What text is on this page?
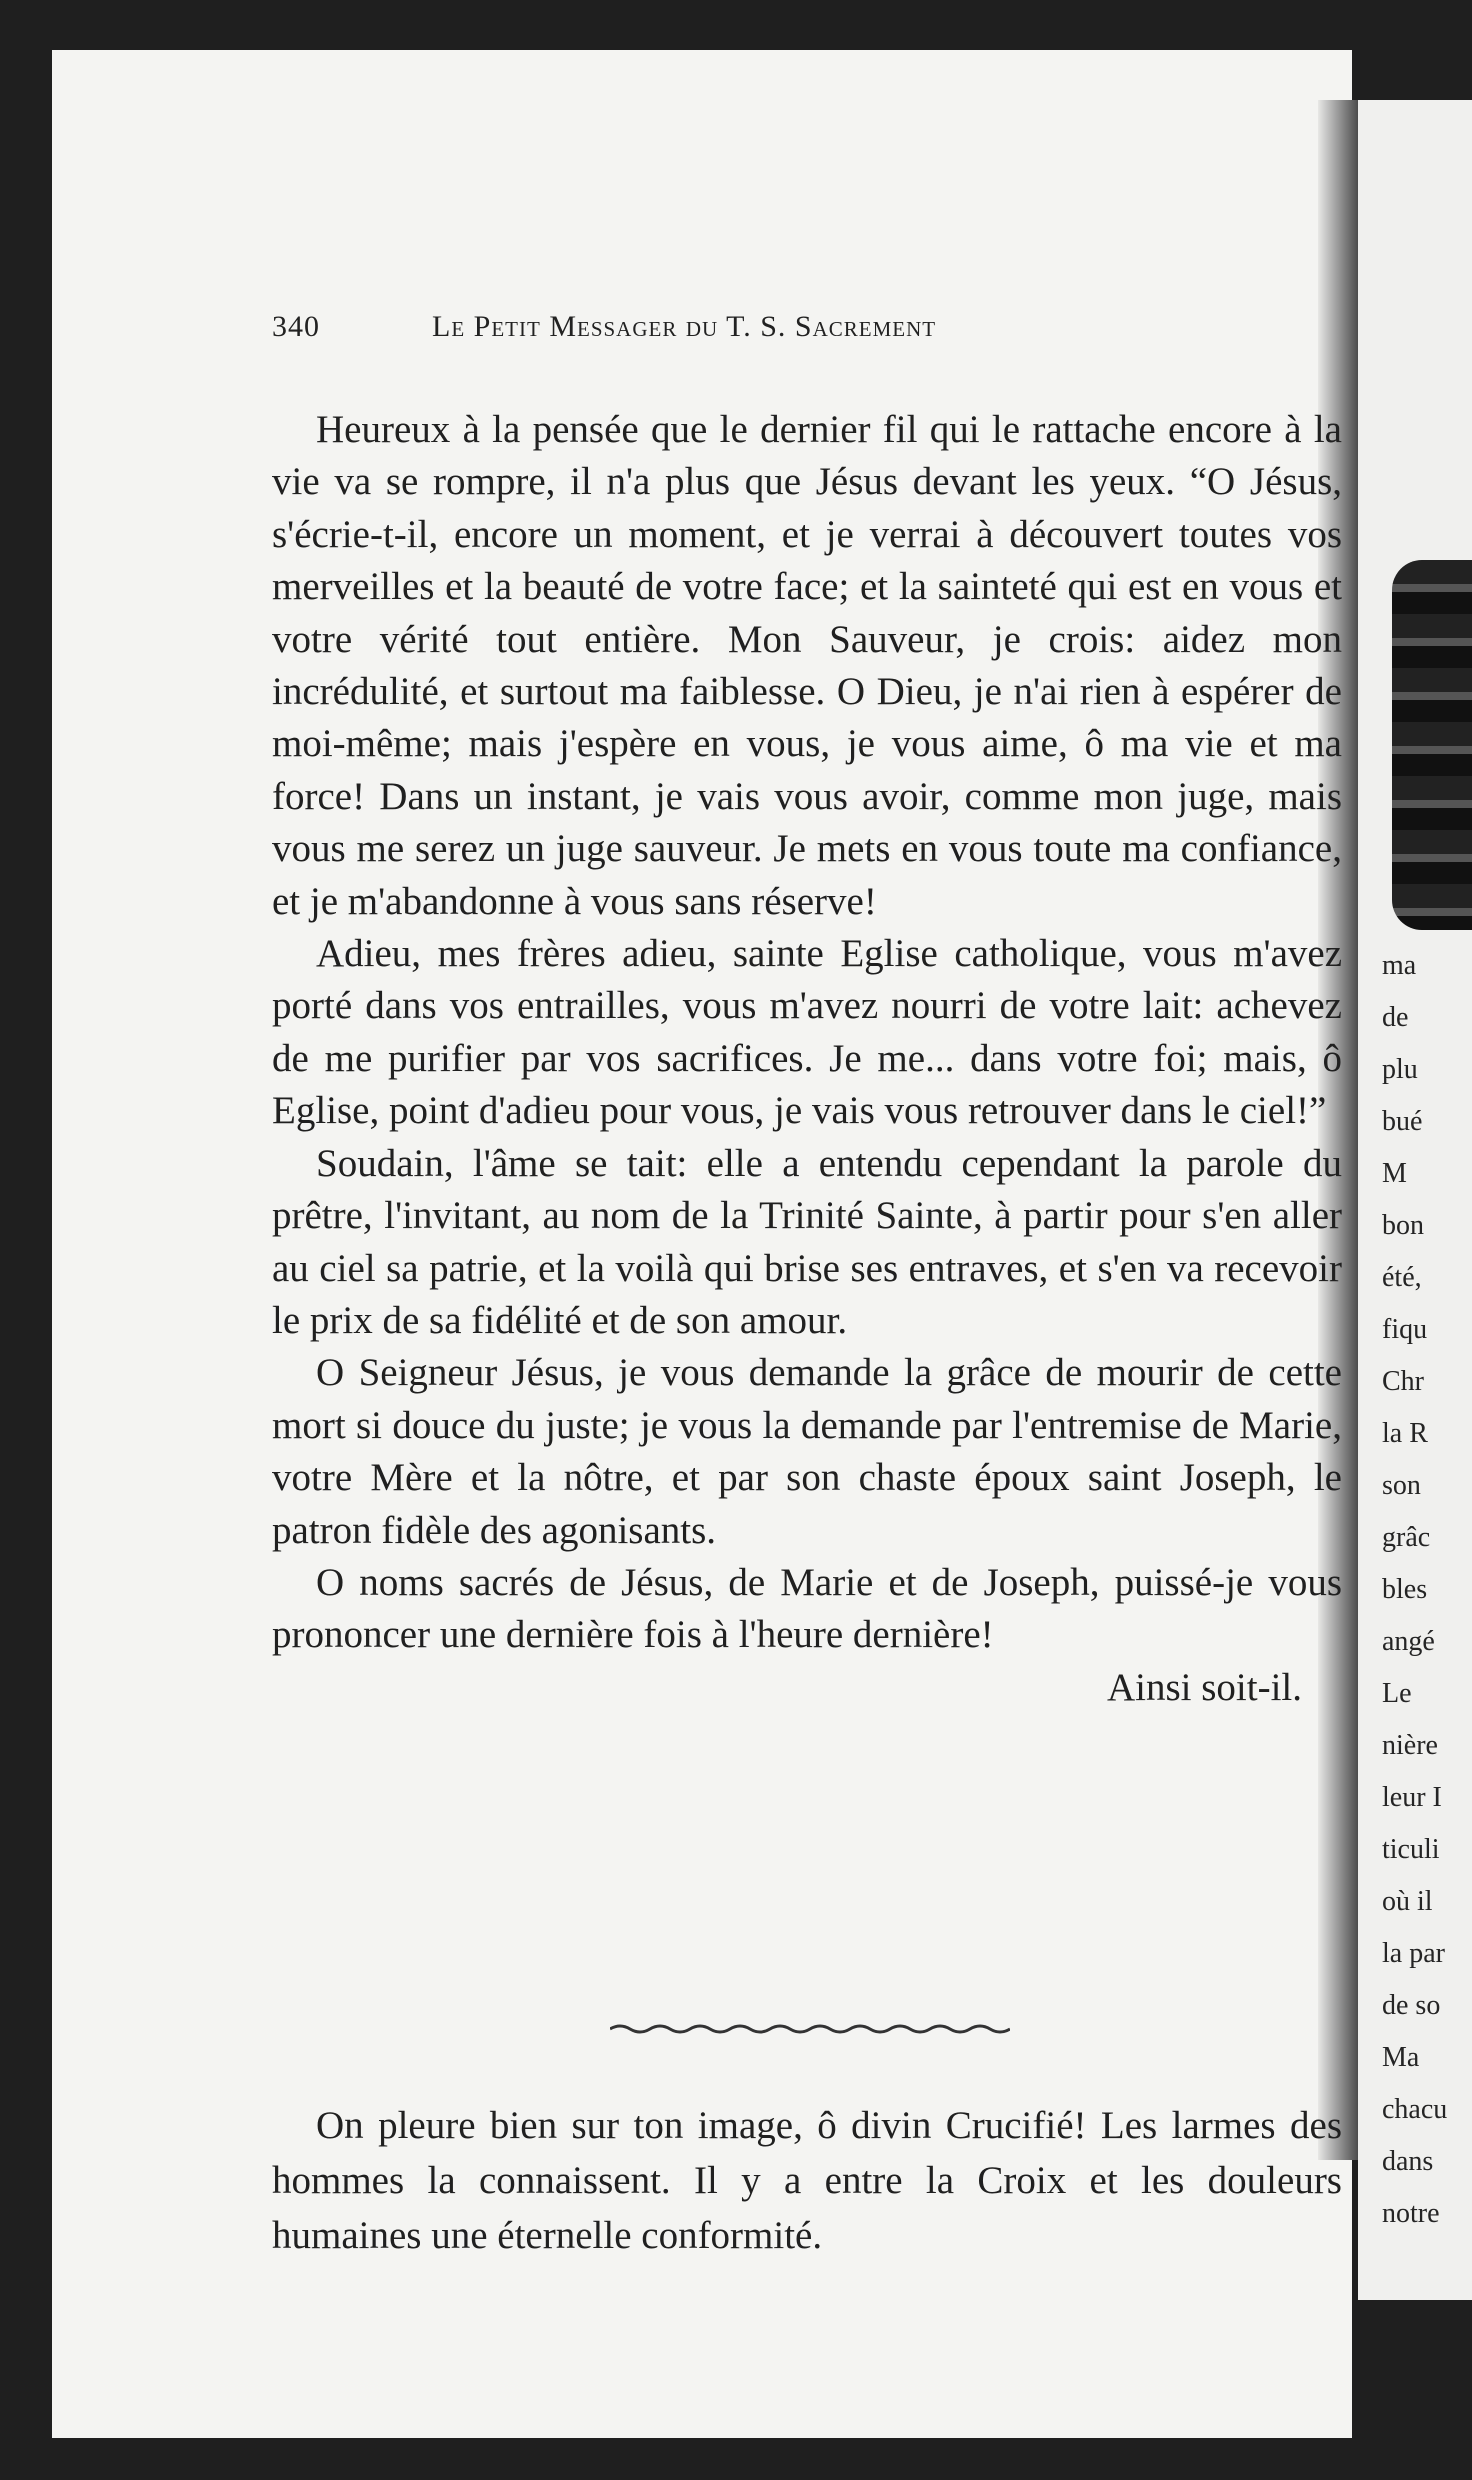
ma
de
plu
bué
M
bon
été,
fiqu
Chr
la R
son
grâc
bles
angé
Le
nière
leur I
ticuli
où il
la par
de so
Ma
chacu
dans
notre
340	Le Petit Messager du T. S. Sacrement

Heureux à la pensée que le dernier fil qui le rattache encore à la vie va se rompre, il n'a plus que Jésus devant les yeux. “O Jésus, s'écrie-t-il, encore un moment, et je verrai à découvert toutes vos merveilles et la beauté de votre face; et la sainteté qui est en vous et votre vérité tout entière. Mon Sauveur, je crois: aidez mon incrédulité, et surtout ma faiblesse. O Dieu, je n'ai rien à espérer de moi-même; mais j'espère en vous, je vous aime, ô ma vie et ma force! Dans un instant, je vais vous avoir, comme mon juge, mais vous me serez un juge sauveur. Je mets en vous toute ma confiance, et je m'abandonne à vous sans réserve!

Adieu, mes frères adieu, sainte Eglise catholique, vous m'avez porté dans vos entrailles, vous m'avez nourri de votre lait: achevez de me purifier par vos sacrifices. Je me... dans votre foi; mais, ô Eglise, point d'adieu pour vous, je vais vous retrouver dans le ciel!”

Soudain, l'âme se tait: elle a entendu cependant la parole du prêtre, l'invitant, au nom de la Trinité Sainte, à partir pour s'en aller au ciel sa patrie, et la voilà qui brise ses entraves, et s'en va recevoir le prix de sa fidélité et de son amour.

O Seigneur Jésus, je vous demande la grâce de mourir de cette mort si douce du juste; je vous la demande par l'entremise de Marie, votre Mère et la nôtre, et par son chaste époux saint Joseph, le patron fidèle des agonisants.

O noms sacrés de Jésus, de Marie et de Joseph, puissé-je vous prononcer une dernière fois à l'heure dernière!

Ainsi soit-il.

On pleure bien sur ton image, ô divin Crucifié! Les larmes des hommes la connaissent. Il y a entre la Croix et les douleurs humaines une éternelle conformité.
